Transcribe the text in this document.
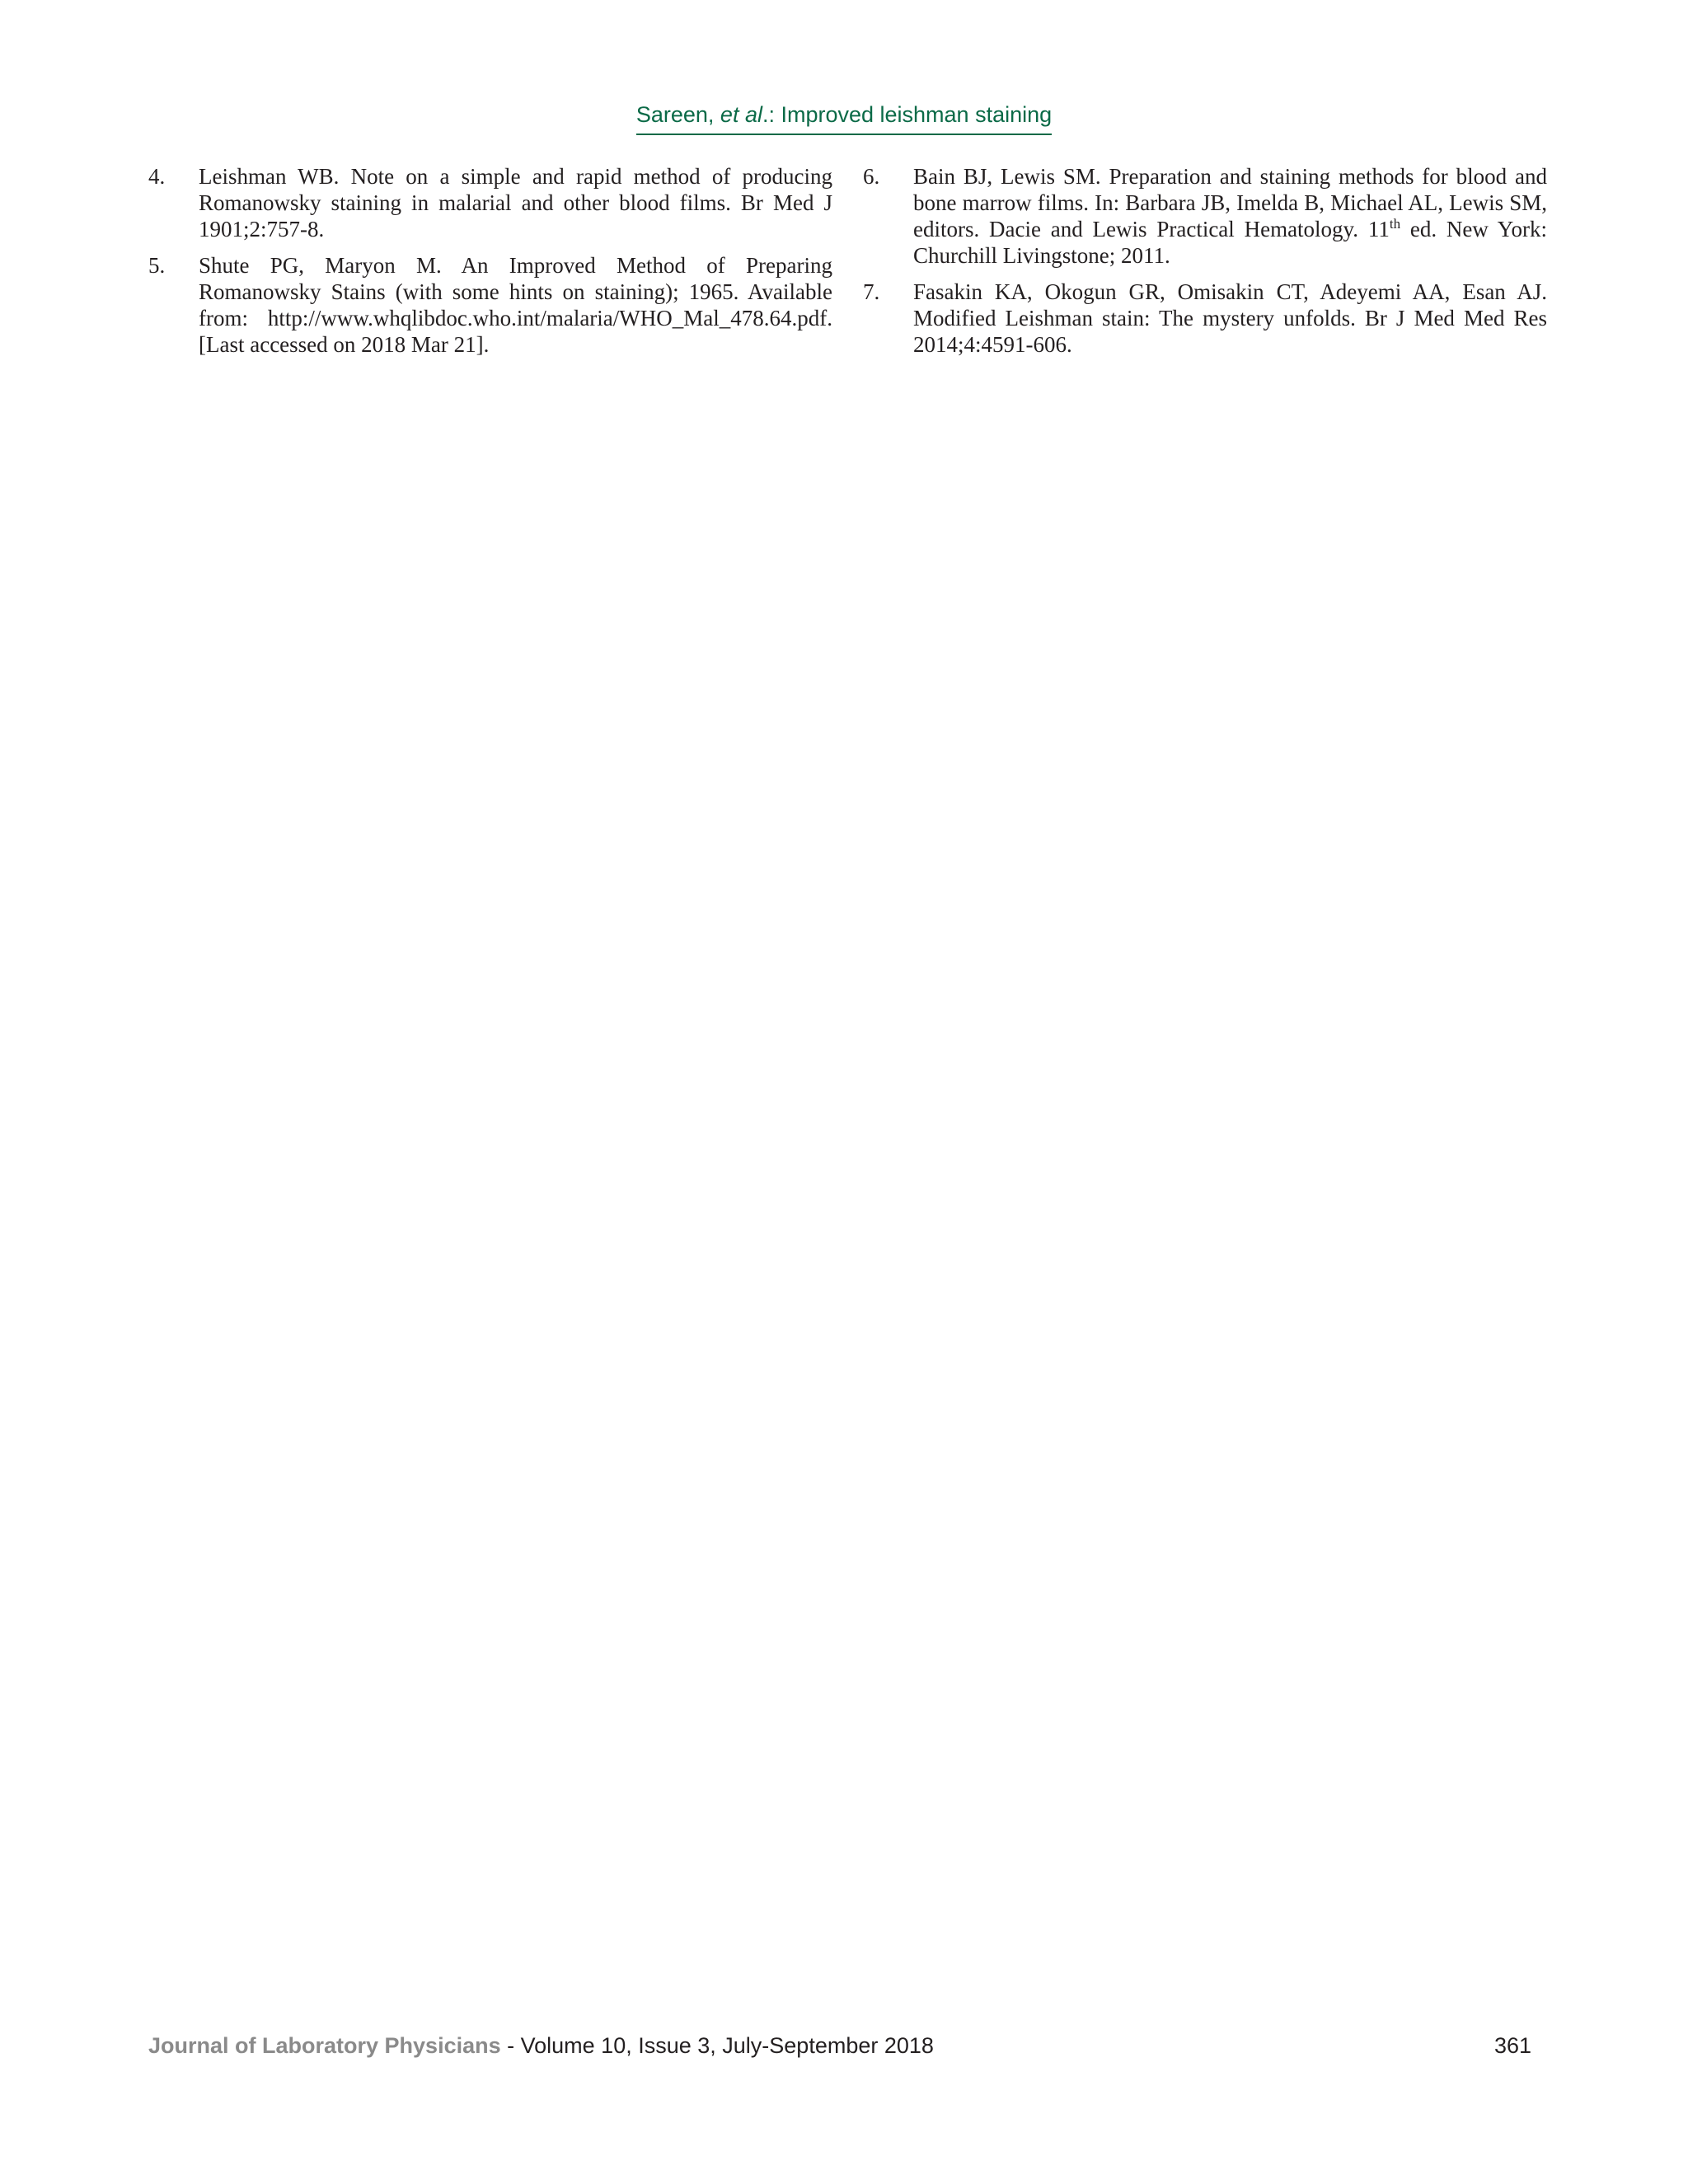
Sareen, et al.: Improved leishman staining
4.	Leishman WB. Note on a simple and rapid method of producing Romanowsky staining in malarial and other blood films. Br Med J 1901;2:757-8.
5.	Shute PG, Maryon M. An Improved Method of Preparing Romanowsky Stains (with some hints on staining); 1965. Available from: http://www.whqlibdoc.who.int/malaria/WHO_Mal_478.64.pdf. [Last accessed on 2018 Mar 21].
6.	Bain BJ, Lewis SM. Preparation and staining methods for blood and bone marrow films. In: Barbara JB, Imelda B, Michael AL, Lewis SM, editors. Dacie and Lewis Practical Hematology. 11th ed. New York: Churchill Livingstone; 2011.
7.	Fasakin KA, Okogun GR, Omisakin CT, Adeyemi AA, Esan AJ. Modified Leishman stain: The mystery unfolds. Br J Med Med Res 2014;4:4591-606.
Journal of Laboratory Physicians - Volume 10, Issue 3, July-September 2018	361
